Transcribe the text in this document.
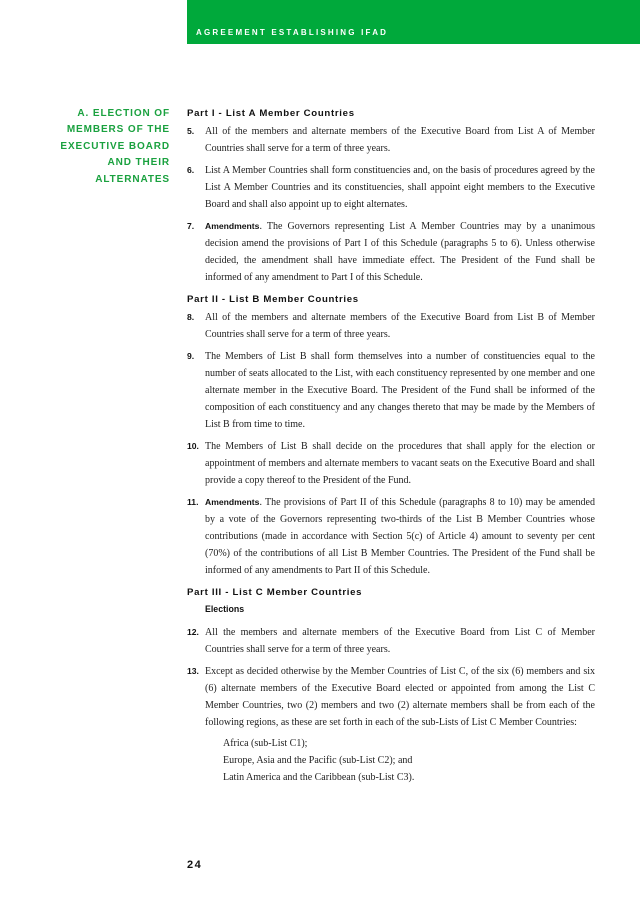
AGREEMENT ESTABLISHING IFAD
A. ELECTION OF
MEMBERS OF THE
EXECUTIVE BOARD
AND THEIR
ALTERNATES
Part I - List A Member Countries
5. All of the members and alternate members of the Executive Board from List A of Member Countries shall serve for a term of three years.
6. List A Member Countries shall form constituencies and, on the basis of procedures agreed by the List A Member Countries and its constituencies, shall appoint eight members to the Executive Board and shall also appoint up to eight alternates.
7. Amendments. The Governors representing List A Member Countries may by a unanimous decision amend the provisions of Part I of this Schedule (paragraphs 5 to 6). Unless otherwise decided, the amendment shall have immediate effect. The President of the Fund shall be informed of any amendment to Part I of this Schedule.
Part II - List B Member Countries
8. All of the members and alternate members of the Executive Board from List B of Member Countries shall serve for a term of three years.
9. The Members of List B shall form themselves into a number of constituencies equal to the number of seats allocated to the List, with each constituency represented by one member and one alternate member in the Executive Board. The President of the Fund shall be informed of the composition of each constituency and any changes thereto that may be made by the Members of List B from time to time.
10. The Members of List B shall decide on the procedures that shall apply for the election or appointment of members and alternate members to vacant seats on the Executive Board and shall provide a copy thereof to the President of the Fund.
11. Amendments. The provisions of Part II of this Schedule (paragraphs 8 to 10) may be amended by a vote of the Governors representing two-thirds of the List B Member Countries whose contributions (made in accordance with Section 5(c) of Article 4) amount to seventy per cent (70%) of the contributions of all List B Member Countries. The President of the Fund shall be informed of any amendments to Part II of this Schedule.
Part III - List C Member Countries
Elections
12. All the members and alternate members of the Executive Board from List C of Member Countries shall serve for a term of three years.
13. Except as decided otherwise by the Member Countries of List C, of the six (6) members and six (6) alternate members of the Executive Board elected or appointed from among the List C Member Countries, two (2) members and two (2) alternate members shall be from each of the following regions, as these are set forth in each of the sub-Lists of List C Member Countries:
Africa (sub-List C1);
Europe, Asia and the Pacific (sub-List C2); and
Latin America and the Caribbean (sub-List C3).
24
